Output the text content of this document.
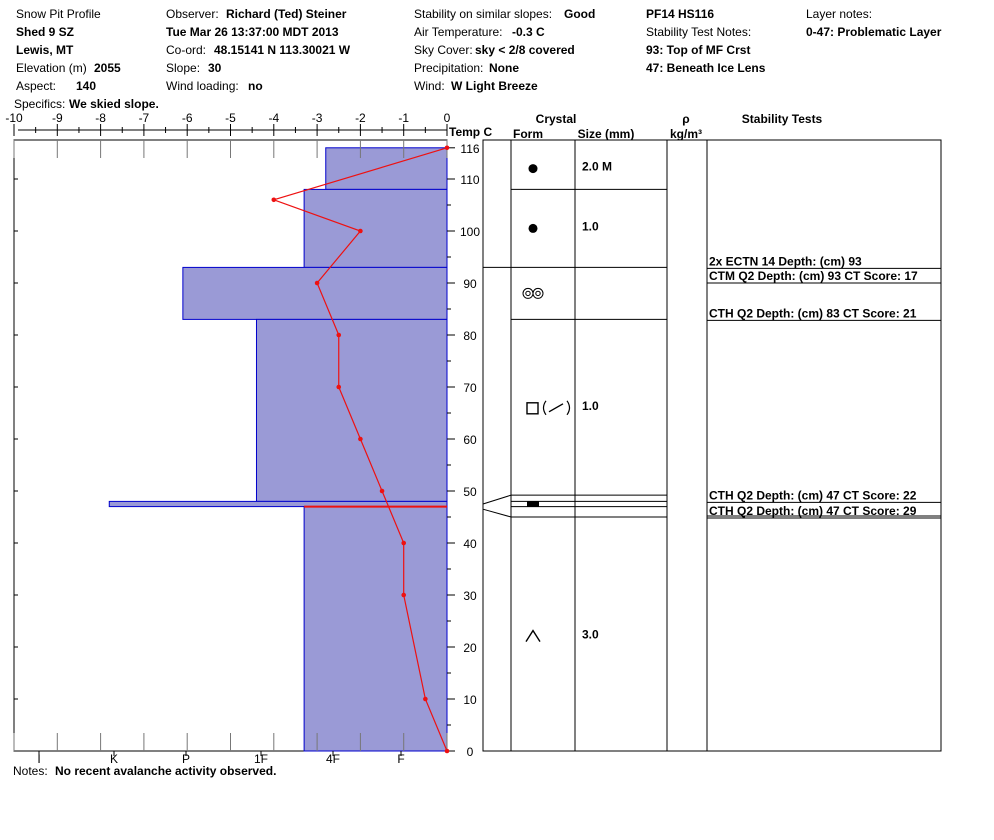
Snow Pit Profile
Shed 9 SZ
Lewis, MT
Elevation (m) 2055
Aspect: 140
Specifics: We skied slope.
Observer: Richard (Ted) Steiner
Tue Mar 26 13:37:00 MDT 2013
Co-ord: 48.15141 N 113.30021 W
Slope: 30
Wind loading: no
Stability on similar slopes: Good
Air Temperature: -0.3 C
Sky Cover: sky < 2/8 covered
Precipitation: None
Wind: W Light Breeze
PF14 HS116
Stability Test Notes:
93: Top of MF Crst
47: Beneath Ice Lens
Layer notes:
0-47: Problematic Layer
Notes: No recent avalanche activity observed.
Temp C
Crystal
Form	Size (mm)
ρ
kg/m³
Stability Tests
-10 -9	-8	-7	-6	-5	-4	-3	-2	-1	0
0
10
20
30
40
50
60
70
80
90
100
110
116
2.0 M
1.0
1.0
3.0
2x ECTN 14 Depth: (cm) 93
CTM Q2 Depth: (cm) 93 CT Score: 17
CTH Q2 Depth: (cm) 83 CT Score: 21
CTH Q2 Depth: (cm) 47 CT Score: 22
CTH Q2 Depth: (cm) 47 CT Score: 29
I	K	P	1F	4F	F
